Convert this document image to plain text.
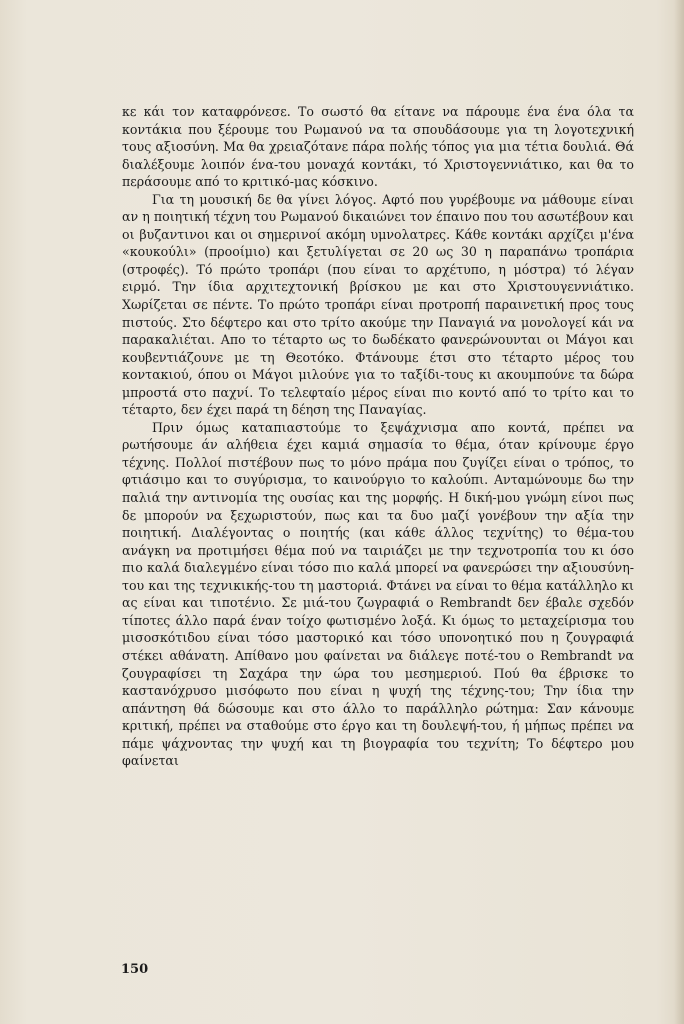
κε κάι τον καταφρόνεσε. Το σωστό θα είτανε να πάρουμε ένα ένα όλα τα κοντάκια που ξέρουμε του Ρωμανού να τα σπουδάσουμε για τη λογοτεχνική τους αξιοσύνη. Μα θα χρειαζότανε πάρα πολής τόπος για μια τέτια δουλιά. Θά διαλέξουμε λοιπόν ένα-του μοναχά κοντάκι, τό Χριστογεννιάτικο, και θα το περάσουμε από το κριτικό-μας κόσκινο.

Για τη μουσική δε θα γίνει λόγος. Αφτό που γυρέβουμε να μάθουμε είναι αν η ποιητική τέχνη του Ρωμανού δικαιώνει τον έπαινο που του ασωτέβουν και οι βυζαντινοι και οι σημερινοί ακόμη υμνολατρες. Κάθε κοντάκι αρχίζει μ'ένα «κουκούλι» (προοίμιο) και ξετυλίγεται σε 20 ως 30 η παραπάνω τροπάρια (στροφές). Τό πρώτο τροπάρι (που είναι το αρχέτυπο, η μόστρα) τό λέγαν ειρμό. Την ίδια αρχιτεχτονική βρίσκου με και στο Χριστουγεννιάτικο. Χωρίζεται σε πέντε. Το πρώτο τροπάρι είναι προτροπή παραινετική προς τους πιστούς. Στο δέφτερο και στο τρίτο ακούμε την Παναγιά να μονολογεί κάι να παρακαλιέται. Απο το τέταρτο ως το δωδέκατο φανερώνουνται οι Μάγοι και κουβεντιάζουνε με τη Θεοτόκο. Φτάνουμε έτσι στο τέταρτο μέρος του κοντακιού, όπου οι Μάγοι μιλούνε για το ταξίδι-τους κι ακουμπούνε τα δώρα μπροστά στο παχνί. Το τελεφταίο μέρος είναι πιο κοντό από το τρίτο και το τέταρτο, δεν έχει παρά τη δέηση της Παναγίας.

Πριν όμως καταπιαστούμε το ξεψάχνισμα απο κοντά, πρέπει να ρωτήσουμε άν αλήθεια έχει καμιά σημασία το θέμα, όταν κρίνουμε έργο τέχνης. Πολλοί πιστέβουν πως το μόνο πράμα που ζυγίζει είναι ο τρόπος, το φτιάσιμο και το συγύρισμα, το καινούργιο το καλούπι. Ανταμώνουμε δω την παλιά την αντινομία της ουσίας και της μορφής. Η δική-μου γνώμη είνοι πως δε μπορούν να ξεχωριστούν, πως και τα δυο μαζί γονέβουν την αξία την ποιητική. Διαλέγοντας ο ποιητής (και κάθε άλλος τεχνίτης) το θέμα-του ανάγκη να προτιμήσει θέμα πού να ταιριάζει με την τεχνοτροπία του κι όσο πιο καλά διαλεγμένο είναι τόσο πιο καλά μπορεί να φανερώσει την αξιουσύνη-του και της τεχνικικής-του τη μαστοριά. Φτάνει να είναι το θέμα κατάλληλο κι ας είναι και τιποτένιο. Σε μιά-του ζωγραφιά ο Rembrandt δεν έβαλε σχεδόν τίποτες άλλο παρά έναν τοίχο φωτισμένο λοξά. Κι όμως το μεταχείρισμα του μισοσκότιδου είναι τόσο μαστορικό και τόσο υπονοητικό που η ζουγραφιά στέκει αθάνατη. Απίθανο μου φαίνεται να διάλεγε ποτέ-του ο Rembrandt να ζουγραφίσει τη Σαχάρα την ώρα του μεσημεριού. Πού θα έβρισκε το καστανόχρυσο μισόφωτο που είναι η ψυχή της τέχνης-του; Την ίδια την απάντηση θά δώσουμε και στο άλλο το παράλληλο ρώτημα: Σαν κάνουμε κριτική, πρέπει να σταθούμε στο έργο και τη δουλεψή-του, ή μήπως πρέπει να πάμε ψάχνοντας την ψυχή και τη βιογραφία του τεχνίτη; Το δέφτερο μου φαίνεται

150
